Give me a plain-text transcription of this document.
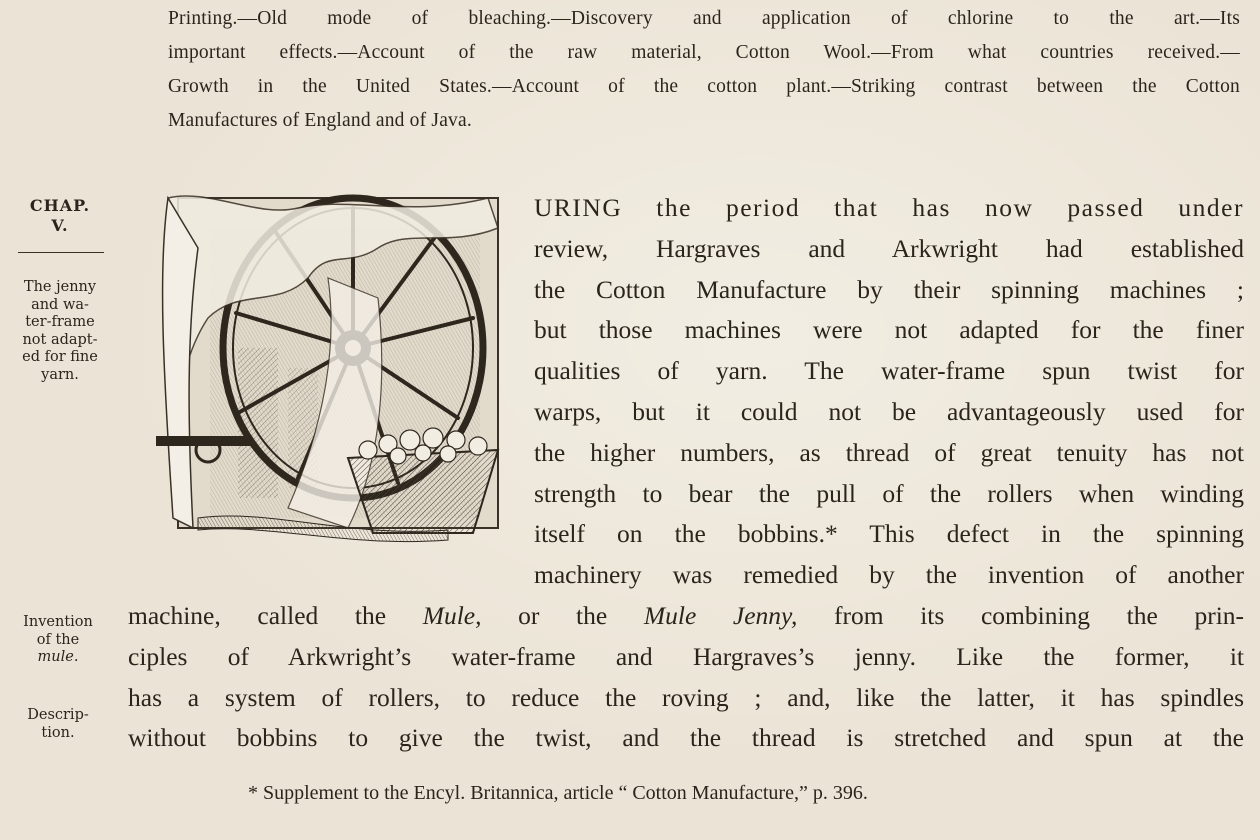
Printing.—Old mode of bleaching.—Discovery and application of chlorine to the art.—Its
important effects.—Account of the raw material, Cotton Wool.—From what countries received.—
Growth in the United States.—Account of the cotton plant.—Striking contrast between the Cotton
Manufactures of England and of Java.
CHAP.
V.
The jenny
and wa-
ter-frame
not adapt-
ed for fine
yarn.
Invention
of the
mule.
Descrip-
tion.
URING the period that has now passed under
review, Hargraves and Arkwright had established
the Cotton Manufacture by their spinning machines ;
but those machines were not adapted for the finer
qualities of yarn. The water-frame spun twist for
warps, but it could not be advantageously used for
the higher numbers, as thread of great tenuity has not
strength to bear the pull of the rollers when winding
itself on the bobbins.* This defect in the spinning
machinery was remedied by the invention of another
machine, called the Mule, or the Mule Jenny, from its combining the prin-
ciples of Arkwright’s water-frame and Hargraves’s jenny. Like the former, it
has a system of rollers, to reduce the roving ; and, like the latter, it has spindles
without bobbins to give the twist, and the thread is stretched and spun at the
* Supplement to the Encyl. Britannica, article “ Cotton Manufacture,” p. 396.
